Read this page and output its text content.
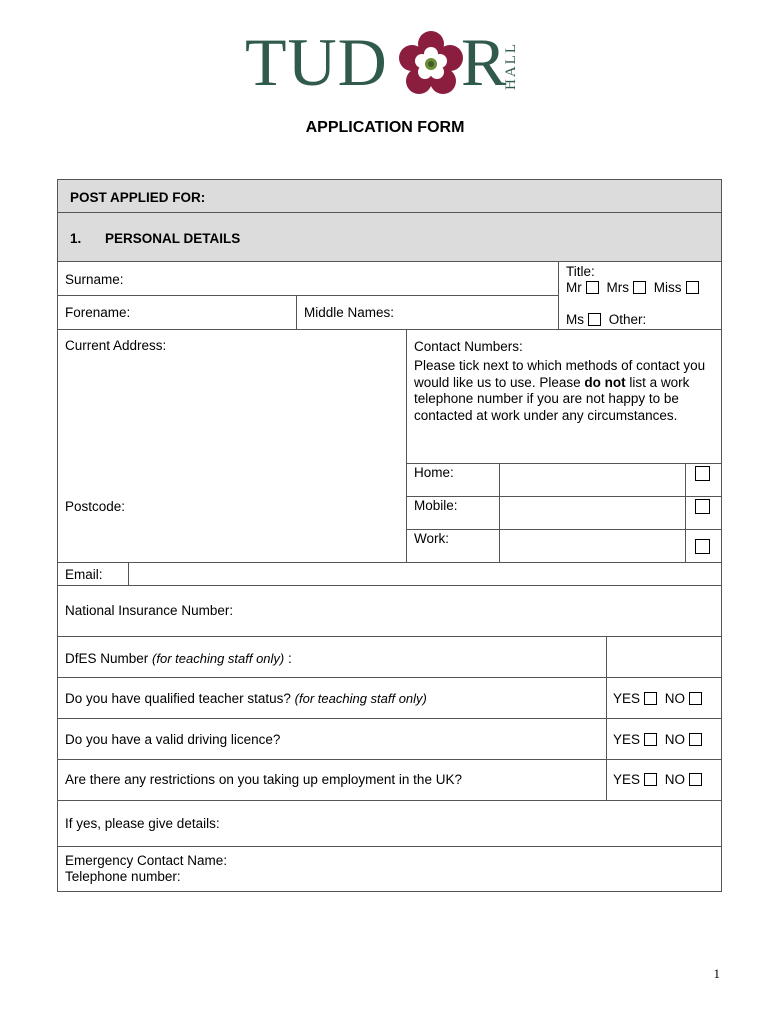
TUD R
HALL
APPLICATION FORM
POST APPLIED FOR:
1. PERSONAL DETAILS
Surname:
Title:
Mr Mrs Miss
Ms Other:
Forename:	Middle Names:
Current Address:
Postcode:
Contact Numbers:
Please tick next to which methods of contact you would like us to use. Please do not list a work telephone number if you are not happy to be contacted at work under any circumstances.
Home:
Mobile:
Work:
Email:
National Insurance Number:
DfES Number (for teaching staff only) :
Do you have qualified teacher status? (for teaching staff only)	YES NO
Do you have a valid driving licence?	YES NO
Are there any restrictions on you taking up employment in the UK?	YES NO
If yes, please give details:
Emergency Contact Name:
Telephone number:
1
